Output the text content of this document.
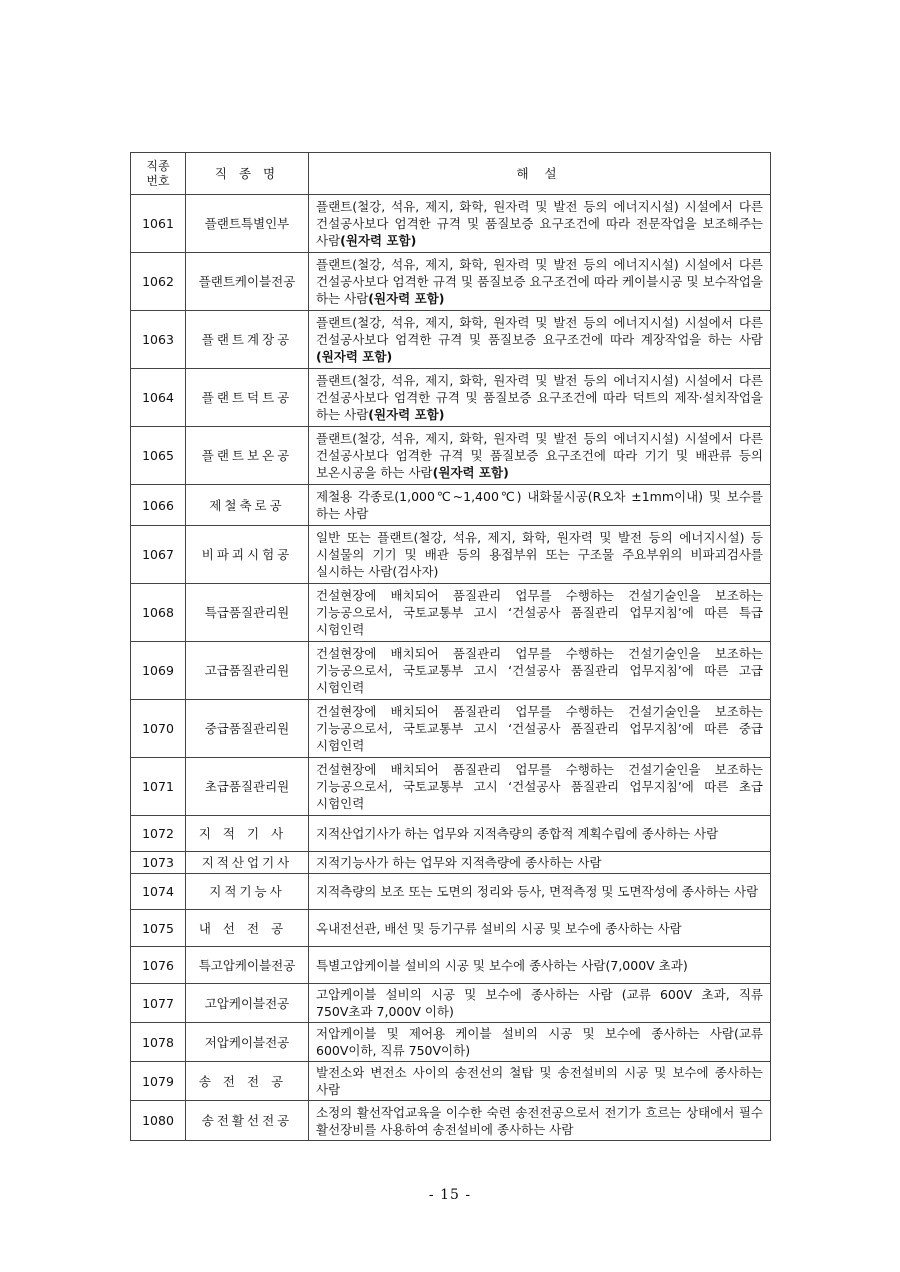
직종
번호	직 종 명	해 설
1061	플랜트특별인부	플랜트(철강, 석유, 제지, 화학, 원자력 및 발전 등의 에너지시설) 시설에서 다른 건설공사보다 엄격한 규격 및 품질보증 요구조건에 따라 전문작업을 보조해주는 사람(원자력 포함)
1062	플랜트케이블전공	플랜트(철강, 석유, 제지, 화학, 원자력 및 발전 등의 에너지시설) 시설에서 다른 건설공사보다 엄격한 규격 및 품질보증 요구조건에 따라 케이블시공 및 보수작업을 하는 사람(원자력 포함)
1063	플랜트계장공	플랜트(철강, 석유, 제지, 화학, 원자력 및 발전 등의 에너지시설) 시설에서 다른 건설공사보다 엄격한 규격 및 품질보증 요구조건에 따라 계장작업을 하는 사람(원자력 포함)
1064	플랜트덕트공	플랜트(철강, 석유, 제지, 화학, 원자력 및 발전 등의 에너지시설) 시설에서 다른 건설공사보다 엄격한 규격 및 품질보증 요구조건에 따라 덕트의 제작·설치작업을 하는 사람(원자력 포함)
1065	플랜트보온공	플랜트(철강, 석유, 제지, 화학, 원자력 및 발전 등의 에너지시설) 시설에서 다른 건설공사보다 엄격한 규격 및 품질보증 요구조건에 따라 기기 및 배관류 등의 보온시공을 하는 사람(원자력 포함)
1066	제철축로공	제철용 각종로(1,000℃~1,400℃) 내화물시공(R오차 ±1mm이내) 및 보수를 하는 사람
1067	비파괴시험공	일반 또는 플랜트(철강, 석유, 제지, 화학, 원자력 및 발전 등의 에너지시설) 등 시설물의 기기 및 배관 등의 용접부위 또는 구조물 주요부위의 비파괴검사를 실시하는 사람(검사자)
1068	특급품질관리원	건설현장에 배치되어 품질관리 업무를 수행하는 건설기술인을 보조하는 기능공으로서, 국토교통부 고시 ‘건설공사 품질관리 업무지침’에 따른 특급 시험인력
1069	고급품질관리원	건설현장에 배치되어 품질관리 업무를 수행하는 건설기술인을 보조하는 기능공으로서, 국토교통부 고시 ‘건설공사 품질관리 업무지침’에 따른 고급 시험인력
1070	중급품질관리원	건설현장에 배치되어 품질관리 업무를 수행하는 건설기술인을 보조하는 기능공으로서, 국토교통부 고시 ‘건설공사 품질관리 업무지침’에 따른 중급 시험인력
1071	초급품질관리원	건설현장에 배치되어 품질관리 업무를 수행하는 건설기술인을 보조하는 기능공으로서, 국토교통부 고시 ‘건설공사 품질관리 업무지침’에 따른 초급 시험인력
1072	지적기사	지적산업기사가 하는 업무와 지적측량의 종합적 계획수립에 종사하는 사람
1073	지적산업기사	지적기능사가 하는 업무와 지적측량에 종사하는 사람
1074	지적기능사	지적측량의 보조 또는 도면의 정리와 등사, 면적측정 및 도면작성에 종사하는 사람
1075	내선전공	옥내전선관, 배선 및 등기구류 설비의 시공 및 보수에 종사하는 사람
1076	특고압케이블전공	특별고압케이블 설비의 시공 및 보수에 종사하는 사람(7,000V 초과)
1077	고압케이블전공	고압케이블 설비의 시공 및 보수에 종사하는 사람 (교류 600V 초과, 직류 750V초과 7,000V 이하)
1078	저압케이블전공	저압케이블 및 제어용 케이블 설비의 시공 및 보수에 종사하는 사람(교류 600V이하, 직류 750V이하)
1079	송전전공	발전소와 변전소 사이의 송전선의 철탑 및 송전설비의 시공 및 보수에 종사하는 사람
1080	송전활선전공	소정의 활선작업교육을 이수한 숙련 송전전공으로서 전기가 흐르는 상태에서 필수 활선장비를 사용하여 송전설비에 종사하는 사람
- 15 -
